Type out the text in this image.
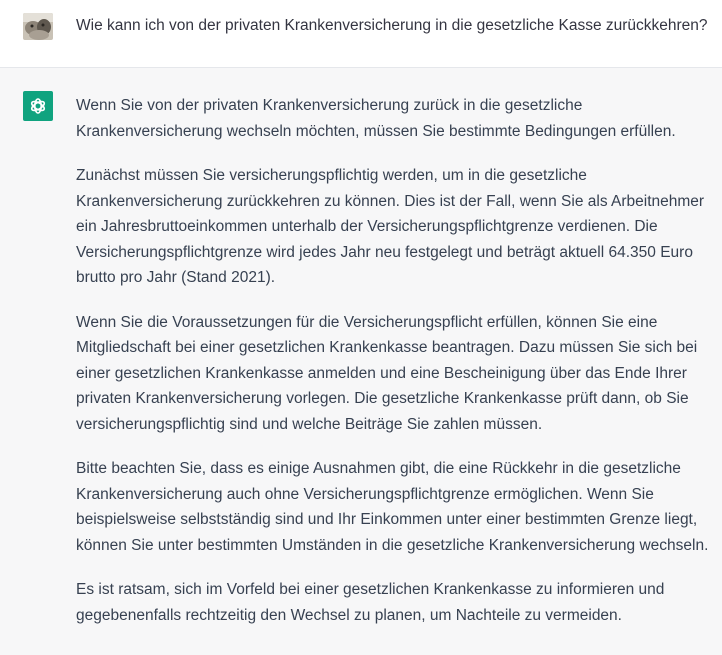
Wie kann ich von der privaten Krankenversicherung in die gesetzliche Kasse zurückkehren?

Wenn Sie von der privaten Krankenversicherung zurück in die gesetzliche Krankenversicherung wechseln möchten, müssen Sie bestimmte Bedingungen erfüllen.

Zunächst müssen Sie versicherungspflichtig werden, um in die gesetzliche Krankenversicherung zurückkehren zu können. Dies ist der Fall, wenn Sie als Arbeitnehmer ein Jahresbruttoeinkommen unterhalb der Versicherungspflichtgrenze verdienen. Die Versicherungspflichtgrenze wird jedes Jahr neu festgelegt und beträgt aktuell 64.350 Euro brutto pro Jahr (Stand 2021).

Wenn Sie die Voraussetzungen für die Versicherungspflicht erfüllen, können Sie eine Mitgliedschaft bei einer gesetzlichen Krankenkasse beantragen. Dazu müssen Sie sich bei einer gesetzlichen Krankenkasse anmelden und eine Bescheinigung über das Ende Ihrer privaten Krankenversicherung vorlegen. Die gesetzliche Krankenkasse prüft dann, ob Sie versicherungspflichtig sind und welche Beiträge Sie zahlen müssen.

Bitte beachten Sie, dass es einige Ausnahmen gibt, die eine Rückkehr in die gesetzliche Krankenversicherung auch ohne Versicherungspflichtgrenze ermöglichen. Wenn Sie beispielsweise selbstständig sind und Ihr Einkommen unter einer bestimmten Grenze liegt, können Sie unter bestimmten Umständen in die gesetzliche Krankenversicherung wechseln.

Es ist ratsam, sich im Vorfeld bei einer gesetzlichen Krankenkasse zu informieren und gegebenenfalls rechtzeitig den Wechsel zu planen, um Nachteile zu vermeiden.
